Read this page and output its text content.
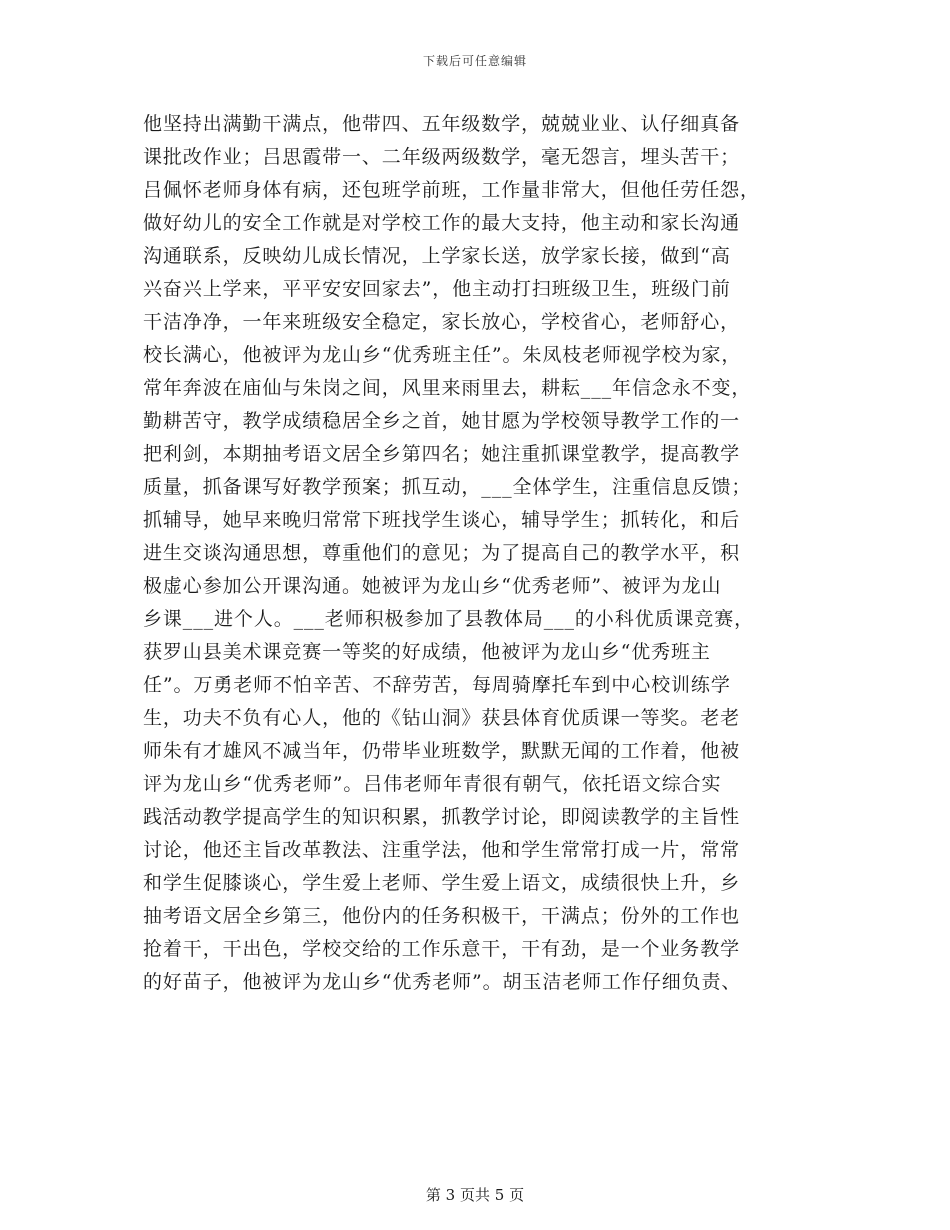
下载后可任意编辑
他坚持出满勤干满点，他带四、五年级数学，兢兢业业、认仔细真备
课批改作业；吕思霞带一、二年级两级数学，毫无怨言，埋头苦干；
吕佩怀老师身体有病，还包班学前班，工作量非常大，但他任劳任怨，
做好幼儿的安全工作就是对学校工作的最大支持，他主动和家长沟通
沟通联系，反映幼儿成长情况，上学家长送，放学家长接，做到“高
兴奋兴上学来，平平安安回家去”，他主动打扫班级卫生，班级门前
干洁净净，一年来班级安全稳定，家长放心，学校省心，老师舒心，
校长满心，他被评为龙山乡“优秀班主任”。朱凤枝老师视学校为家，
常年奔波在庙仙与朱岗之间，风里来雨里去，耕耘___年信念永不变，
勤耕苦守，教学成绩稳居全乡之首，她甘愿为学校领导教学工作的一
把利剑，本期抽考语文居全乡第四名；她注重抓课堂教学，提高教学
质量，抓备课写好教学预案；抓互动，___全体学生，注重信息反馈；
抓辅导，她早来晚归常常下班找学生谈心，辅导学生；抓转化，和后
进生交谈沟通思想，尊重他们的意见；为了提高自己的教学水平，积
极虚心参加公开课沟通。她被评为龙山乡“优秀老师”、被评为龙山
乡课___进个人。___老师积极参加了县教体局___的小科优质课竞赛，
获罗山县美术课竞赛一等奖的好成绩，他被评为龙山乡“优秀班主
任”。万勇老师不怕辛苦、不辞劳苦，每周骑摩托车到中心校训练学
生，功夫不负有心人，他的《钻山洞》获县体育优质课一等奖。老老
师朱有才雄风不减当年，仍带毕业班数学，默默无闻的工作着，他被
评为龙山乡“优秀老师”。吕伟老师年青很有朝气，依托语文综合实
践活动教学提高学生的知识积累，抓教学讨论，即阅读教学的主旨性
讨论，他还主旨改革教法、注重学法，他和学生常常打成一片，常常
和学生促膝谈心，学生爱上老师、学生爱上语文，成绩很快上升，乡
抽考语文居全乡第三，他份内的任务积极干，干满点；份外的工作也
抢着干，干出色，学校交给的工作乐意干，干有劲，是一个业务教学
的好苗子，他被评为龙山乡“优秀老师”。胡玉洁老师工作仔细负责、
第 3 页共 5 页
